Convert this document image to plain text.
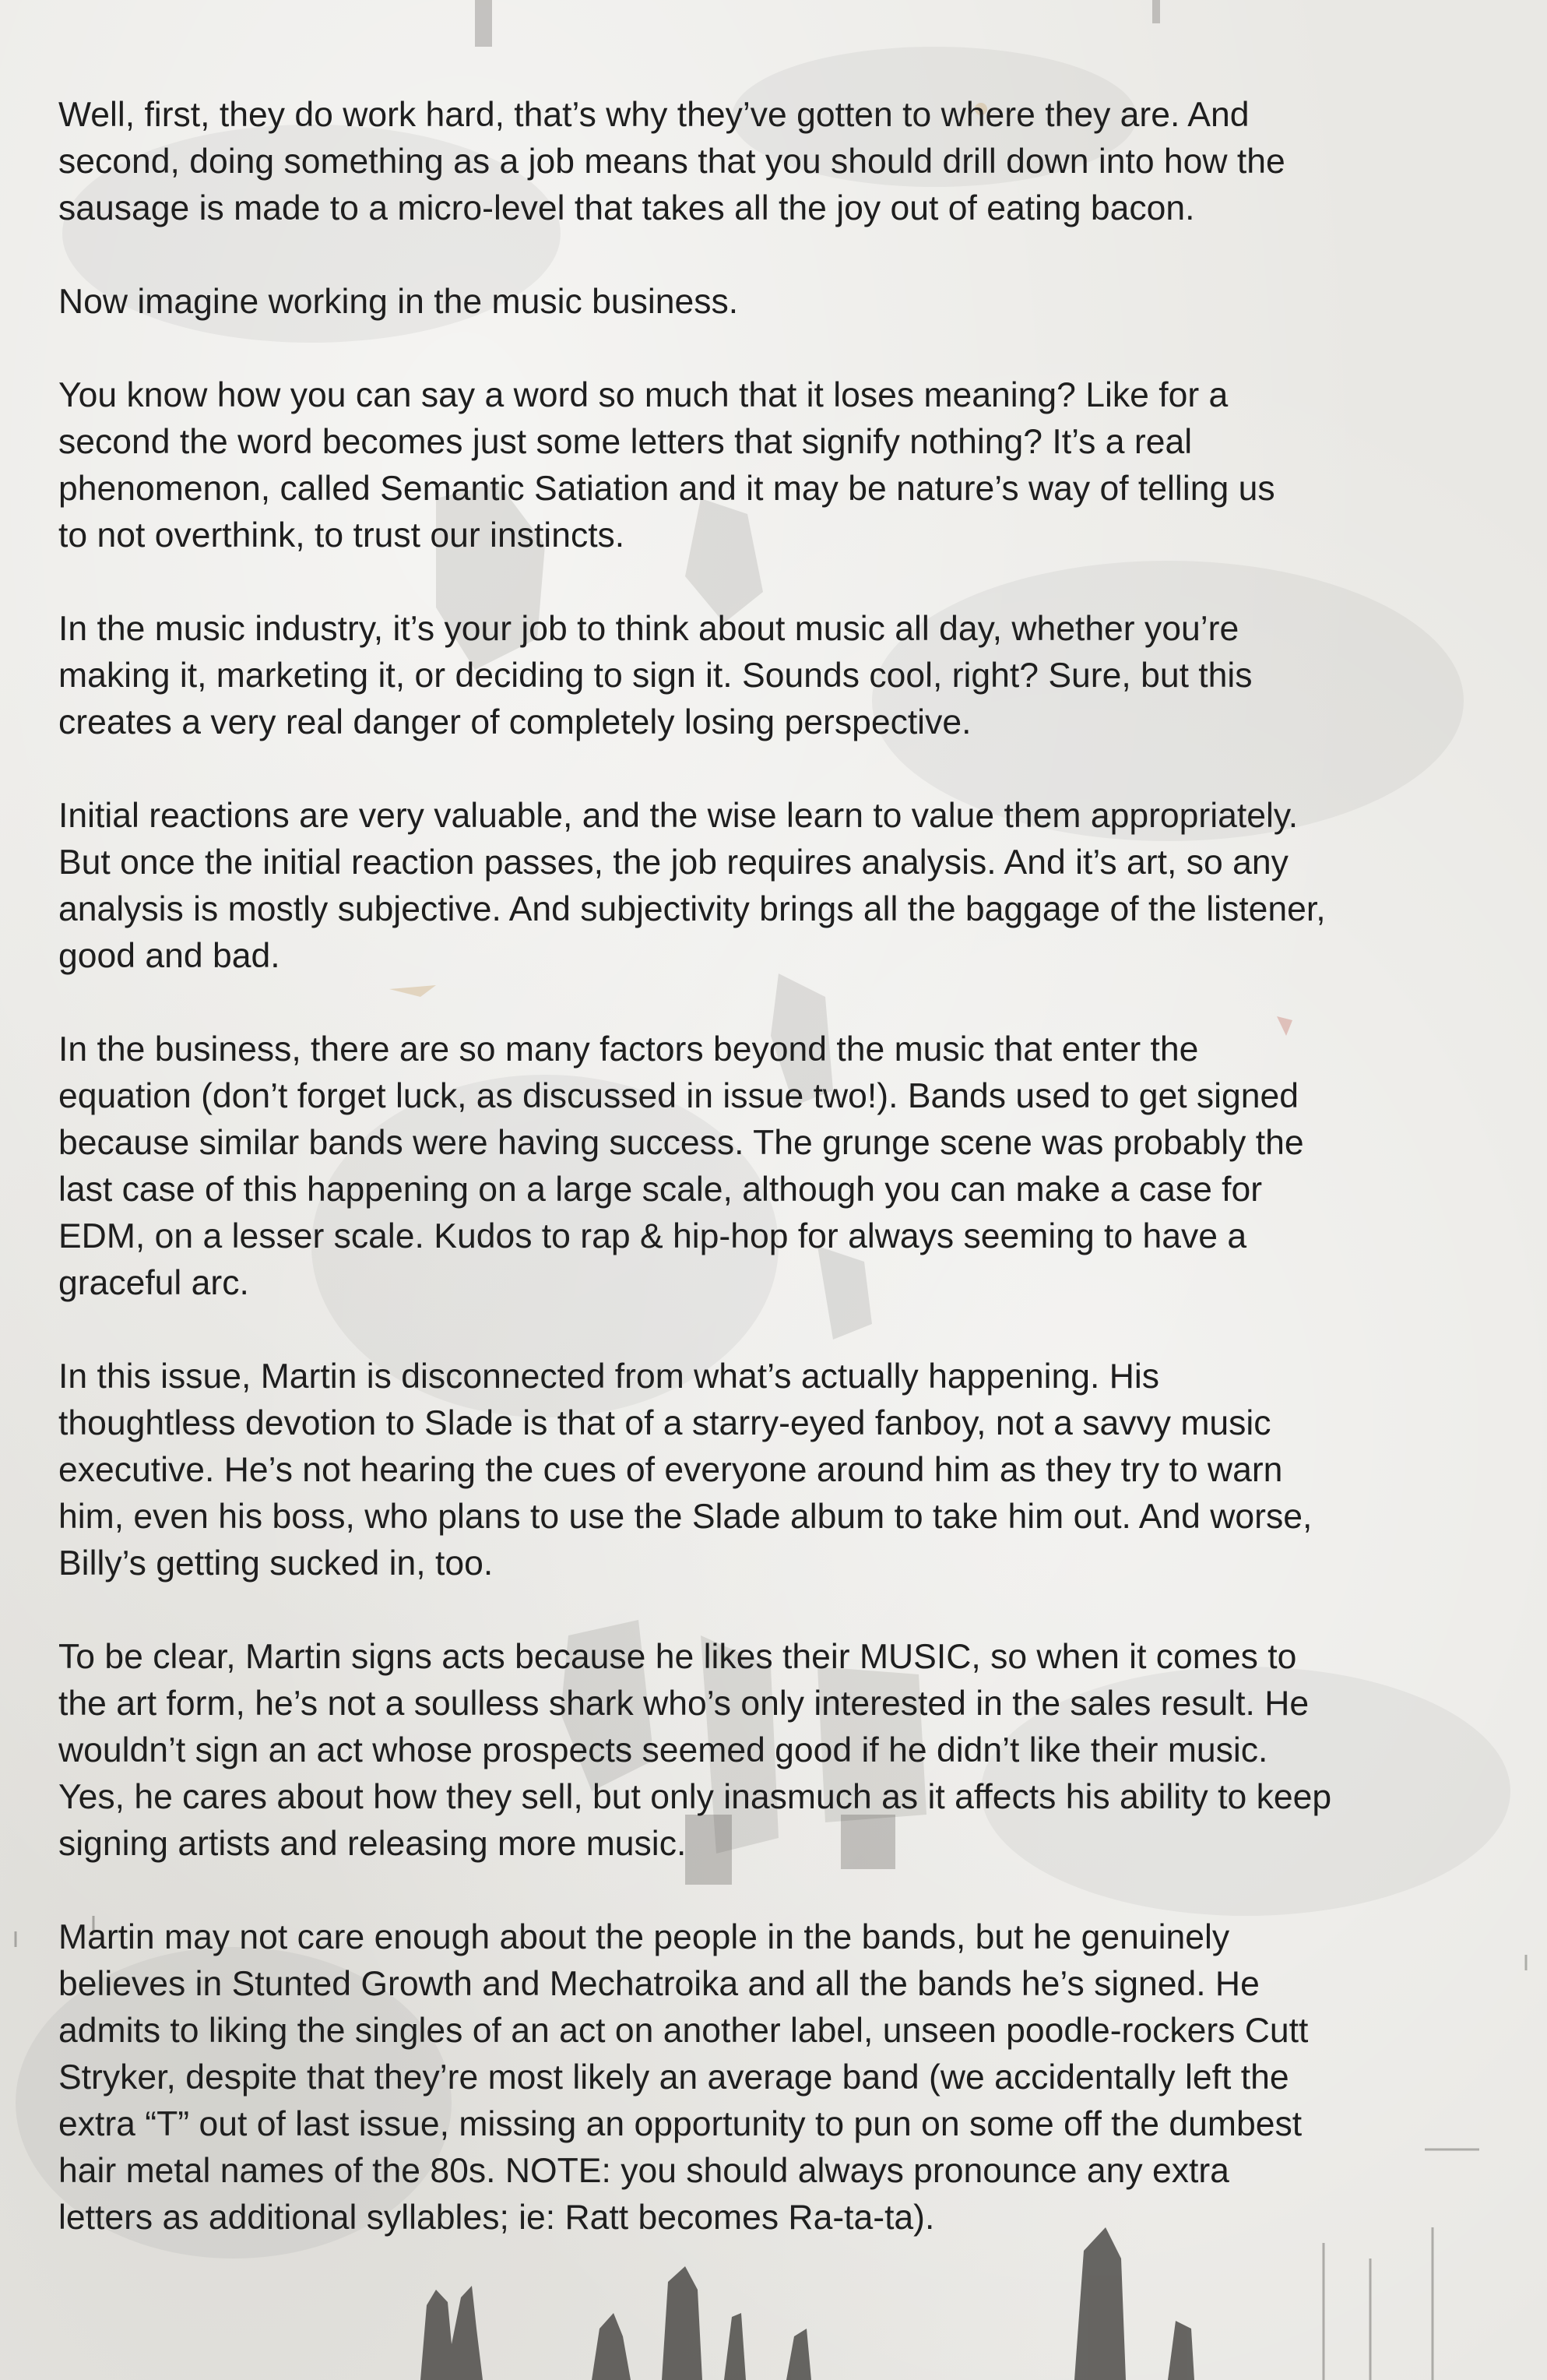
Well, first, they do work hard, that’s why they’ve gotten to where they are. And
second, doing something as a job means that you should drill down into how the
sausage is made to a micro-level that takes all the joy out of eating bacon.

Now imagine working in the music business.

You know how you can say a word so much that it loses meaning? Like for a
second the word becomes just some letters that signify nothing? It’s a real
phenomenon, called Semantic Satiation and it may be nature’s way of telling us
to not overthink, to trust our instincts.

In the music industry, it’s your job to think about music all day, whether you’re
making it, marketing it, or deciding to sign it. Sounds cool, right? Sure, but this
creates a very real danger of completely losing perspective.

Initial reactions are very valuable, and the wise learn to value them appropriately.
But once the initial reaction passes, the job requires analysis. And it’s art, so any
analysis is mostly subjective. And subjectivity brings all the baggage of the listener,
good and bad.

In the business, there are so many factors beyond the music that enter the
equation (don’t forget luck, as discussed in issue two!). Bands used to get signed
because similar bands were having success. The grunge scene was probably the
last case of this happening on a large scale, although you can make a case for
EDM, on a lesser scale. Kudos to rap & hip-hop for always seeming to have a
graceful arc.

In this issue, Martin is disconnected from what’s actually happening. His
thoughtless devotion to Slade is that of a starry-eyed fanboy, not a savvy music
executive. He’s not hearing the cues of everyone around him as they try to warn
him, even his boss, who plans to use the Slade album to take him out. And worse,
Billy’s getting sucked in, too.

To be clear, Martin signs acts because he likes their MUSIC, so when it comes to
the art form, he’s not a soulless shark who’s only interested in the sales result. He
wouldn’t sign an act whose prospects seemed good if he didn’t like their music.
Yes, he cares about how they sell, but only inasmuch as it affects his ability to keep
signing artists and releasing more music.

Martin may not care enough about the people in the bands, but he genuinely
believes in Stunted Growth and Mechatroika and all the bands he’s signed. He
admits to liking the singles of an act on another label, unseen poodle-rockers Cutt
Stryker, despite that they’re most likely an average band (we accidentally left the
extra “T” out of last issue, missing an opportunity to pun on some off the dumbest
hair metal names of the 80s. NOTE: you should always pronounce any extra
letters as additional syllables; ie: Ratt becomes Ra-ta-ta).
